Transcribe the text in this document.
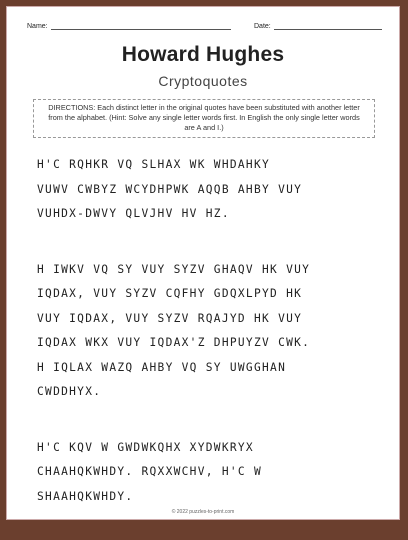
Name:	Date:
Howard Hughes
Cryptoquotes
DIRECTIONS: Each distinct letter in the original quotes have been substituted with another letter from the alphabet. (Hint: Solve any single letter words first. In English the only single letter words are A and I.)
H'C RQHKR VQ SLHAX WK WHDAHKY
VUWV CWBYZ WCYDHPWK AQQB AHBY VUY
VUHDX-DWVY QLVJHV HV HZ.
H IWKV VQ SY VUY SYZV GHAQV HK VUY
IQDAX, VUY SYZV CQFHY GDQXLPYD HK
VUY IQDAX, VUY SYZV RQAJYD HK VUY
IQDAX WKX VUY IQDAX'Z DHPUYZV CWK.
H IQLAX WAZQ AHBY VQ SY UWGGHAN
CWDDHYX.
H'C KQV W GWDWKQHX XYDWKRYX
CHAAHQKWHDY. RQXXWCHV, H'C W
SHAAHQKWHDY.
© 2022 puzzles-to-print.com
